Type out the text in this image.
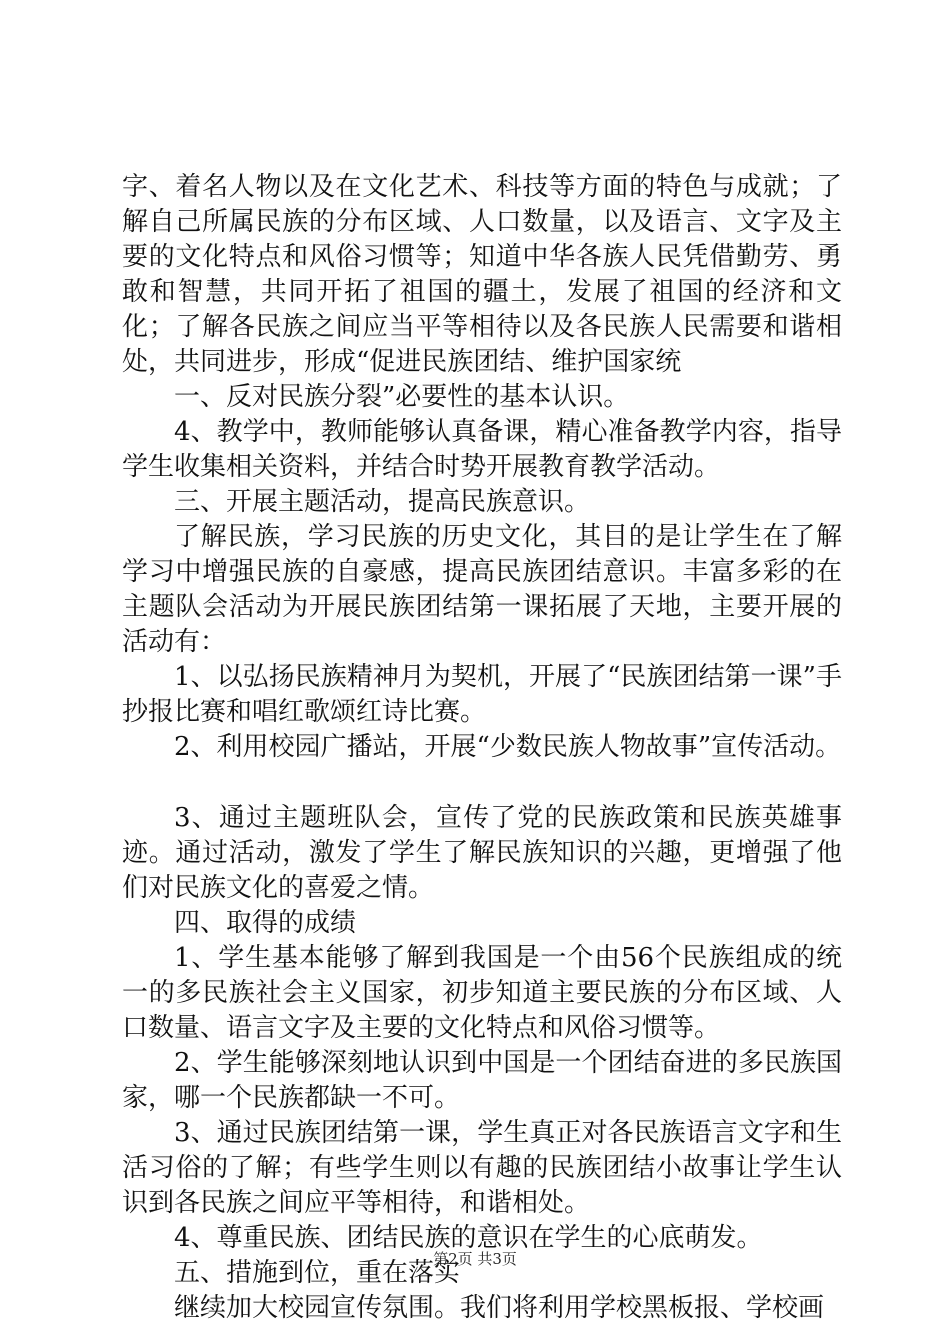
字、着名人物以及在文化艺术、科技等方面的特色与成就；了解自己所属民族的分布区域、人口数量，以及语言、文字及主要的文化特点和风俗习惯等；知道中华各族人民凭借勤劳、勇敢和智慧，共同开拓了祖国的疆土，发展了祖国的经济和文化；了解各民族之间应当平等相待以及各民族人民需要和谐相处，共同进步，形成“促进民族团结、维护国家统

一、反对民族分裂”必要性的基本认识。

4、教学中，教师能够认真备课，精心准备教学内容，指导学生收集相关资料，并结合时势开展教育教学活动。

三、开展主题活动，提高民族意识。

了解民族，学习民族的历史文化，其目的是让学生在了解学习中增强民族的自豪感，提高民族团结意识。丰富多彩的在主题队会活动为开展民族团结第一课拓展了天地，主要开展的活动有：

1、以弘扬民族精神月为契机，开展了“民族团结第一课”手抄报比赛和唱红歌颂红诗比赛。

2、利用校园广播站，开展“少数民族人物故事”宣传活动。

3、通过主题班队会，宣传了党的民族政策和民族英雄事迹。通过活动，激发了学生了解民族知识的兴趣，更增强了他们对民族文化的喜爱之情。

四、取得的成绩

1、学生基本能够了解到我国是一个由56个民族组成的统一的多民族社会主义国家，初步知道主要民族的分布区域、人口数量、语言文字及主要的文化特点和风俗习惯等。

2、学生能够深刻地认识到中国是一个团结奋进的多民族国家，哪一个民族都缺一不可。

3、通过民族团结第一课，学生真正对各民族语言文字和生活习俗的了解；有些学生则以有趣的民族团结小故事让学生认识到各民族之间应平等相待，和谐相处。

4、尊重民族、团结民族的意识在学生的心底萌发。

五、措施到位，重在落实

继续加大校园宣传氛围。我们将利用学校黑板报、学校画

第2页 共3页
